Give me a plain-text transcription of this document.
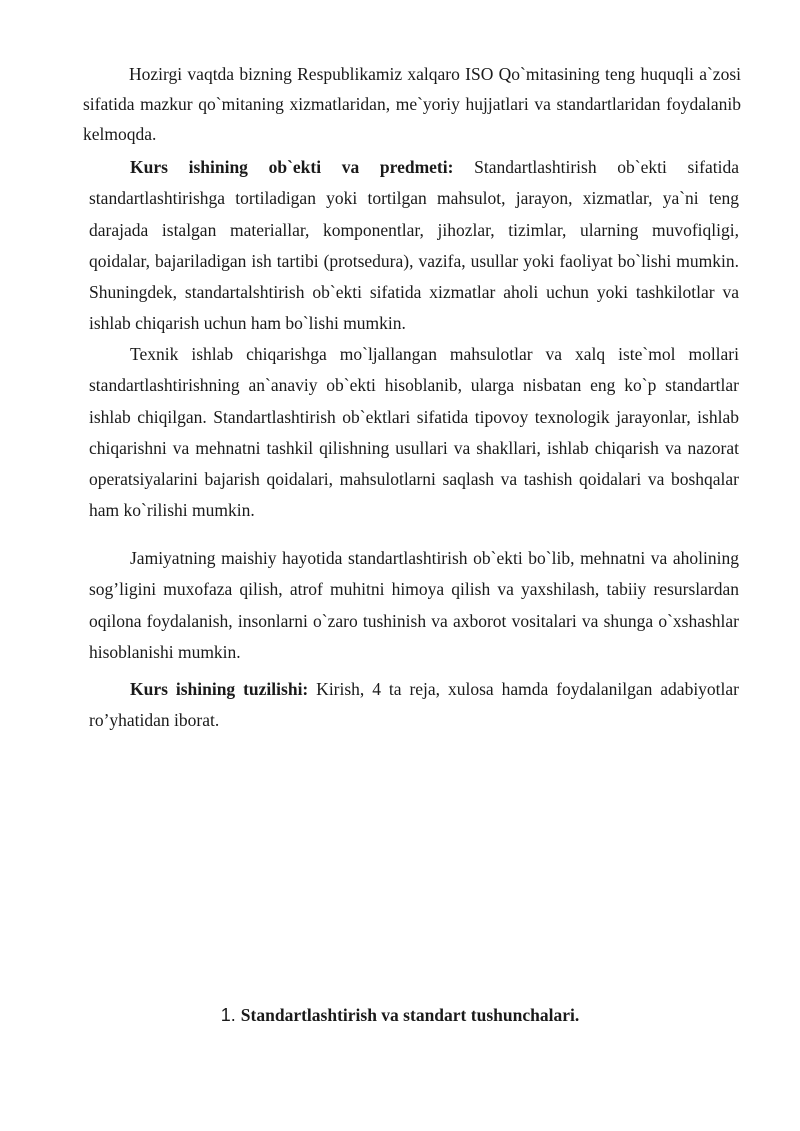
Hozirgi vaqtda bizning Respublikamiz xalqaro ISO Qo`mitasining teng huquqli a`zosi sifatida mazkur qo`mitaning xizmatlaridan, me`yoriy hujjatlari va standartlaridan foydalanib kelmoqda.

Kurs ishining ob`ekti va predmeti: Standartlashtirish ob`ekti sifatida standartlashtirishga tortiladigan yoki tortilgan mahsulot, jarayon, xizmatlar, ya`ni teng darajada istalgan materiallar, komponentlar, jihozlar, tizimlar, ularning muvofiqligi, qoidalar, bajariladigan ish tartibi (protsedura), vazifa, usullar yoki faoliyat bo`lishi mumkin. Shuningdek, standartalshtirish ob`ekti sifatida xizmatlar aholi uchun yoki tashkilotlar va ishlab chiqarish uchun ham bo`lishi mumkin.

Texnik ishlab chiqarishga mo`ljallangan mahsulotlar va xalq iste`mol mollari standartlashtirishning an`anaviy ob`ekti hisoblanib, ularga nisbatan eng ko`p standartlar ishlab chiqilgan. Standartlashtirish ob`ektlari sifatida tipovoy texnologik jarayonlar, ishlab chiqarishni va mehnatni tashkil qilishning usullari va shakllari, ishlab chiqarish va nazorat operatsiyalarini bajarish qoidalari, mahsulotlarni saqlash va tashish qoidalari va boshqalar ham ko`rilishi mumkin.

Jamiyatning maishiy hayotida standartlashtirish ob`ekti bo`lib, mehnatni va aholining sog’ligini muxofaza qilish, atrof muhitni himoya qilish va yaxshilash, tabiiy resurslardan oqilona foydalanish, insonlarni o`zaro tushinish va axborot vositalari va shunga o`xshashlar hisoblanishi mumkin.

Kurs ishining tuzilishi: Kirish, 4 ta reja, xulosa hamda foydalanilgan adabiyotlar ro’yhatidan iborat.

1. Standartlashtirish va standart tushunchalari.
